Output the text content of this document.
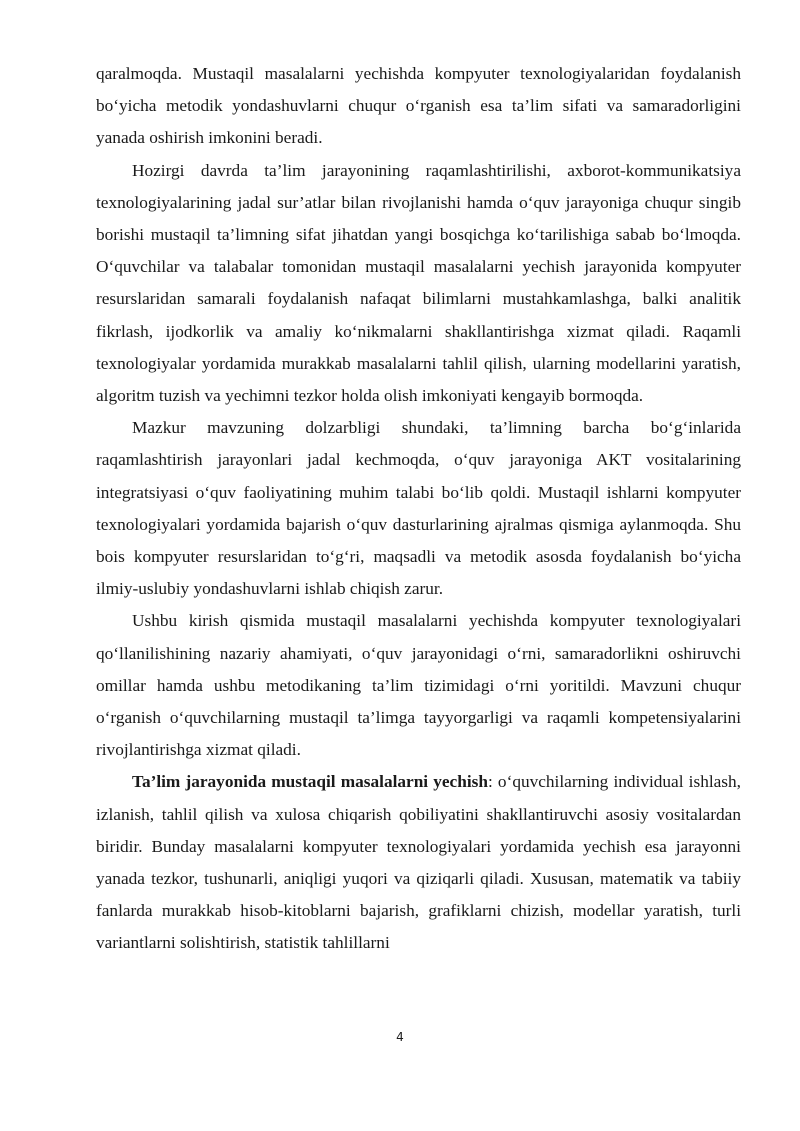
qaralmoqda. Mustaqil masalalarni yechishda kompyuter texnologiyalaridan foydalanish bo‘yicha metodik yondashuvlarni chuqur o‘rganish esa ta’lim sifati va samaradorligini yanada oshirish imkonini beradi.

Hozirgi davrda ta’lim jarayonining raqamlashtirilishi, axborot-kommunikatsiya texnologiyalarining jadal sur’atlar bilan rivojlanishi hamda o‘quv jarayoniga chuqur singib borishi mustaqil ta’limning sifat jihatdan yangi bosqichga ko‘tarilishiga sabab bo‘lmoqda. O‘quvchilar va talabalar tomonidan mustaqil masalalarni yechish jarayonida kompyuter resurslaridan samarali foydalanish nafaqat bilimlarni mustahkamlashga, balki analitik fikrlash, ijodkorlik va amaliy ko‘nikmalarni shakllantirishga xizmat qiladi. Raqamli texnologiyalar yordamida murakkab masalalarni tahlil qilish, ularning modellarini yaratish, algoritm tuzish va yechimni tezkor holda olish imkoniyati kengayib bormoqda.

Mazkur mavzuning dolzarbligi shundaki, ta’limning barcha bo‘g‘inlarida raqamlashtirish jarayonlari jadal kechmoqda, o‘quv jarayoniga AKT vositalarining integratsiyasi o‘quv faoliyatining muhim talabi bo‘lib qoldi. Mustaqil ishlarni kompyuter texnologiyalari yordamida bajarish o‘quv dasturlarining ajralmas qismiga aylanmoqda. Shu bois kompyuter resurslaridan to‘g‘ri, maqsadli va metodik asosda foydalanish bo‘yicha ilmiy-uslubiy yondashuvlarni ishlab chiqish zarur.

Ushbu kirish qismida mustaqil masalalarni yechishda kompyuter texnologiyalari qo‘llanilishining nazariy ahamiyati, o‘quv jarayonidagi o‘rni, samaradorlikni oshiruvchi omillar hamda ushbu metodikaning ta’lim tizimidagi o‘rni yoritildi. Mavzuni chuqur o‘rganish o‘quvchilarning mustaqil ta’limga tayyorgarligi va raqamli kompetensiyalarini rivojlantirishga xizmat qiladi.

Ta’lim jarayonida mustaqil masalalarni yechish: o‘quvchilarning individual ishlash, izlanish, tahlil qilish va xulosa chiqarish qobiliyatini shakllantiruvchi asosiy vositalardan biridir. Bunday masalalarni kompyuter texnologiyalari yordamida yechish esa jarayonni yanada tezkor, tushunarli, aniqligi yuqori va qiziqarli qiladi. Xususan, matematik va tabiiy fanlarda murakkab hisob-kitoblarni bajarish, grafiklarni chizish, modellar yaratish, turli variantlarni solishtirish, statistik tahlillarni

4
